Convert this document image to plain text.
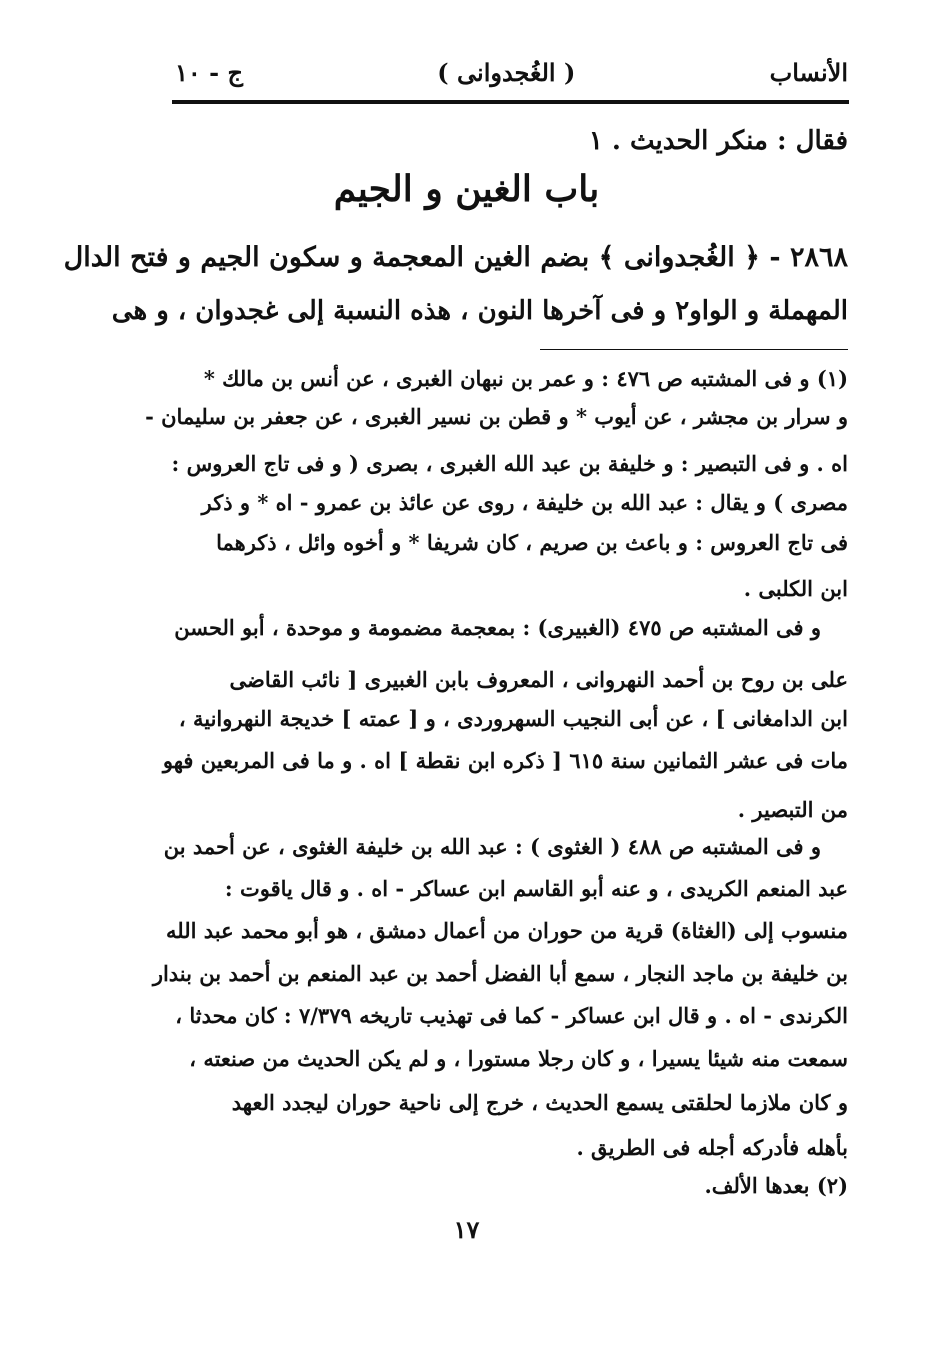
الأنساب
( الغُجدوانی )
ج - ۱۰
فقال : منكر الحديث . ۱
باب الغين و الجيم
۲۸٦۸ - ﴿ الغُجدوانی ﴾ بضم الغين المعجمة و سكون الجيم و فتح الدال
المهملة و الواو۲ و فی آخرها النون ، هذه النسبة إلى غجدوان ، و هی
(۱) و فی المشتبه ص ٤٧٦ : و عمر بن نبهان الغبری ، عن أنس بن مالك *
و سرار بن مجشر ، عن أيوب * و قطن بن نسير الغبری ، عن جعفر بن سليمان -
اه . و فی التبصير : و خليفة بن عبد الله الغبری ، بصری ( و فی تاج العروس :
مصری ) و يقال : عبد الله بن خليفة ، روى عن عائذ بن عمرو - اه * و ذكر
فی تاج العروس : و باعث بن صريم ، كان شريفا * و أخوه وائل ، ذكرهما
ابن الكلبی .
و فی المشتبه ص ٤٧٥ (الغبيری) : بمعجمة مضمومة و موحدة ، أبو الحسن
علی بن روح بن أحمد النهروانی ، المعروف بابن الغبيری [ نائب القاضی
ابن الدامغانی ] ، عن أبی النجيب السهروردی ، و [ عمته ] خديجة النهروانية ،
مات فی عشر الثمانين سنة ٦١٥ [ ذكره ابن نقطة ] اه . و ما فی المربعين فهو
من التبصير .
و فی المشتبه ص ٤٨٨ ( الغثوی ) : عبد الله بن خليفة الغثوی ، عن أحمد بن
عبد المنعم الكريدی ، و عنه أبو القاسم ابن عساكر - اه . و قال ياقوت :
منسوب إلى (الغثاة) قرية من حوران من أعمال دمشق ، هو أبو محمد عبد الله
بن خليفة بن ماجد النجار ، سمع أبا الفضل أحمد بن عبد المنعم بن أحمد بن بندار
الكرندی - اه . و قال ابن عساكر - كما فی تهذيب تاريخه ٧/٣٧٩ : كان محدثا ،
سمعت منه شيئا يسيرا ، و كان رجلا مستورا ، و لم يكن الحديث من صنعته ،
و كان ملازما لحلقتی يسمع الحديث ، خرج إلى ناحية حوران ليجدد العهد
بأهله فأدركه أجله فی الطريق .
(۲) بعدها الألف.
۱۷
